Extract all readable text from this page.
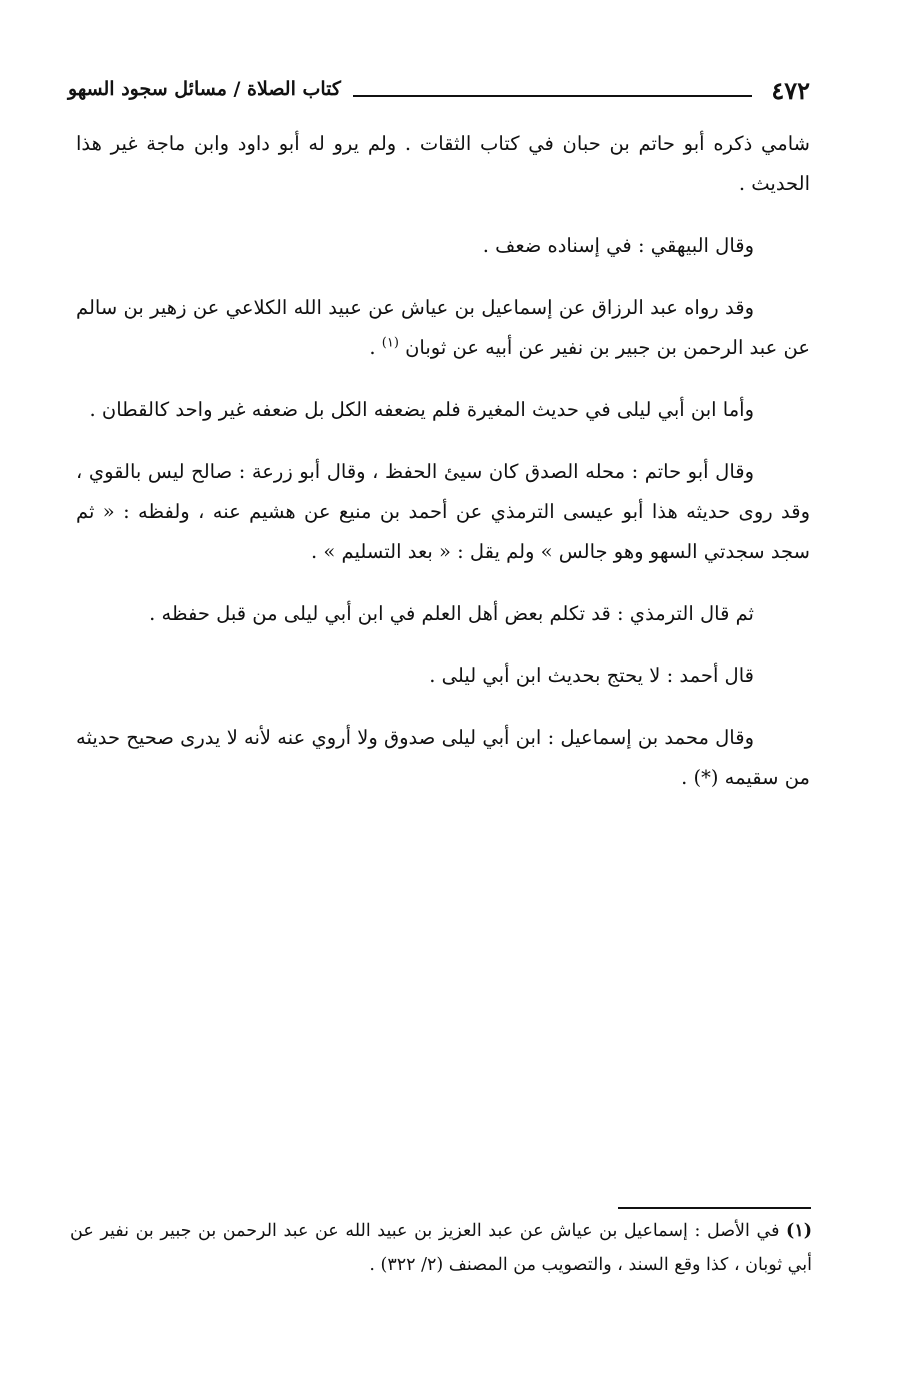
٤٧٢
كتاب الصلاة / مسائل سجود السهو

شامي ذكره أبو حاتم بن حبان في كتاب الثقات . ولم يرو له أبو داود وابن ماجة غير هذا الحديث .

وقال البيهقي : في إسناده ضعف .

وقد رواه عبد الرزاق عن إسماعيل بن عياش عن عبيد الله الكلاعي عن زهير بن سالم عن عبد الرحمن بن جبير بن نفير عن أبيه عن ثوبان $^{(١)}$ .

وأما ابن أبي ليلى في حديث المغيرة فلم يضعفه الكل بل ضعفه غير واحد كالقطان .

وقال أبو حاتم : محله الصدق كان سيئ الحفظ ، وقال أبو زرعة : صالح ليس بالقوي ، وقد روى حديثه هذا أبو عيسى الترمذي عن أحمد بن منيع عن هشيم عنه ، ولفظه : « ثم سجد سجدتي السهو وهو جالس » ولم يقل : « بعد التسليم » .

ثم قال الترمذي : قد تكلم بعض أهل العلم في ابن أبي ليلى من قبل حفظه .

قال أحمد : لا يحتج بحديث ابن أبي ليلى .

وقال محمد بن إسماعيل : ابن أبي ليلى صدوق ولا أروي عنه لأنه لا يدرى صحيح حديثه من سقيمه (*) .

(١) في الأصل : إسماعيل بن عياش عن عبد العزيز بن عبيد الله عن عبد الرحمن بن جبير بن نفير عن أبي ثوبان ، كذا وقع السند ، والتصويب من المصنف (٢/ ٣٢٢) .
